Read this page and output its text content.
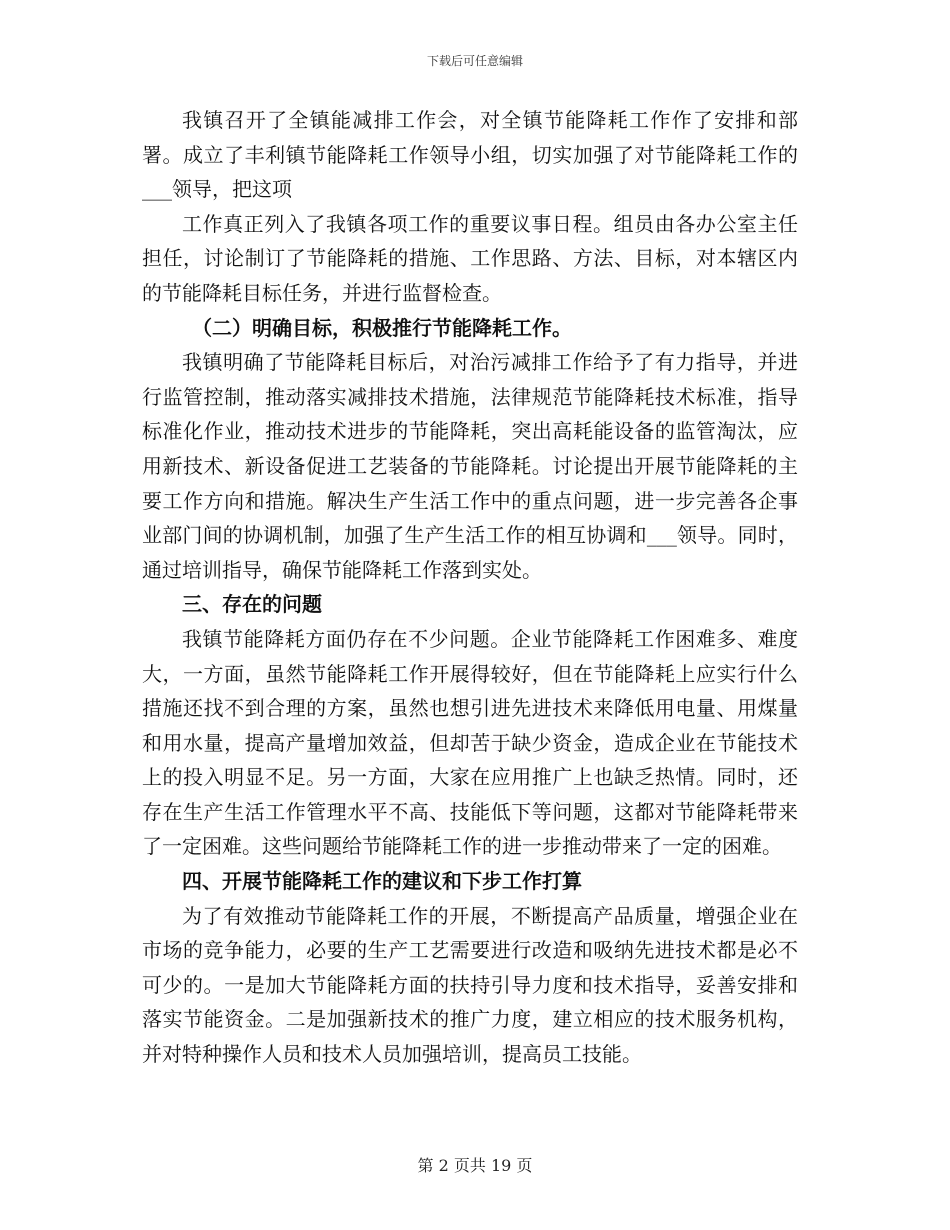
下载后可任意编辑

我镇召开了全镇能减排工作会，对全镇节能降耗工作作了安排和部署。成立了丰利镇节能降耗工作领导小组，切实加强了对节能降耗工作的___领导，把这项

工作真正列入了我镇各项工作的重要议事日程。组员由各办公室主任担任，讨论制订了节能降耗的措施、工作思路、方法、目标，对本辖区内的节能降耗目标任务，并进行监督检查。

（二）明确目标，积极推行节能降耗工作。

我镇明确了节能降耗目标后，对治污减排工作给予了有力指导，并进行监管控制，推动落实减排技术措施，法律规范节能降耗技术标准，指导标准化作业，推动技术进步的节能降耗，突出高耗能设备的监管淘汰，应用新技术、新设备促进工艺装备的节能降耗。讨论提出开展节能降耗的主要工作方向和措施。解决生产生活工作中的重点问题，进一步完善各企事业部门间的协调机制，加强了生产生活工作的相互协调和___领导。同时，通过培训指导，确保节能降耗工作落到实处。

三、存在的问题

我镇节能降耗方面仍存在不少问题。企业节能降耗工作困难多、难度大，一方面，虽然节能降耗工作开展得较好，但在节能降耗上应实行什么措施还找不到合理的方案，虽然也想引进先进技术来降低用电量、用煤量和用水量，提高产量增加效益，但却苦于缺少资金，造成企业在节能技术上的投入明显不足。另一方面，大家在应用推广上也缺乏热情。同时，还存在生产生活工作管理水平不高、技能低下等问题，这都对节能降耗带来了一定困难。这些问题给节能降耗工作的进一步推动带来了一定的困难。

四、开展节能降耗工作的建议和下步工作打算

为了有效推动节能降耗工作的开展，不断提高产品质量，增强企业在市场的竞争能力，必要的生产工艺需要进行改造和吸纳先进技术都是必不可少的。一是加大节能降耗方面的扶持引导力度和技术指导，妥善安排和落实节能资金。二是加强新技术的推广力度，建立相应的技术服务机构，并对特种操作人员和技术人员加强培训，提高员工技能。

第 2 页共 19 页
